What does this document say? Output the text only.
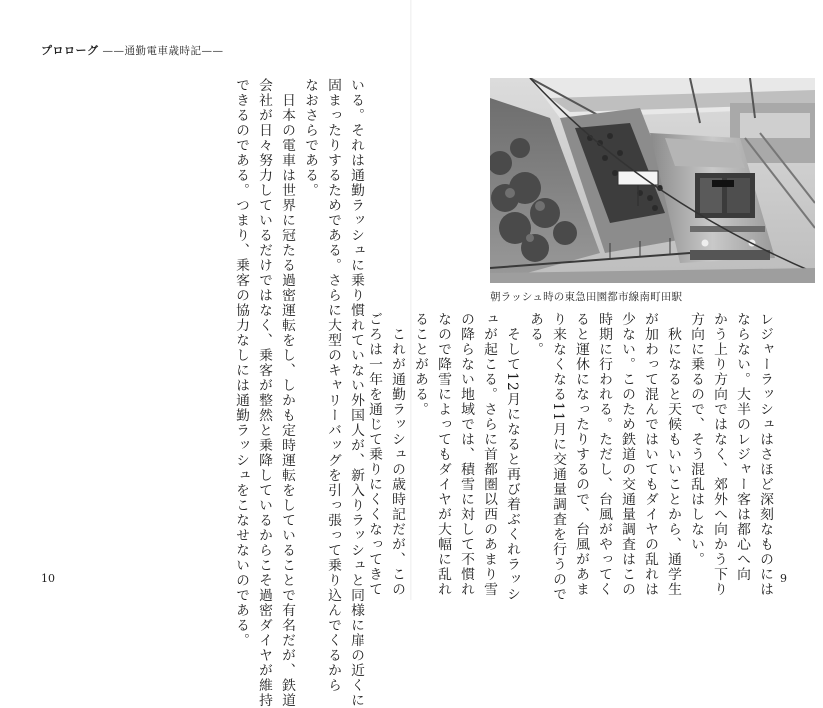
プロローグ ——通勤電車歳時記——
いる。それは通勤ラッシュに乗り慣れていない外国人が、新入りラッシュと同様に扉の近くに
固まったりするためである。さらに大型のキャリーバッグを引っ張って乗り込んでくるから
なおさらである。
　日本の電車は世界に冠たる過密運転をし、しかも定時運転をしていることで有名だが、鉄道
会社が日々努力しているだけではなく、乗客が整然と乗降しているからこそ過密ダイヤが維持
できるのである。つまり、乗客の協力なしには通勤ラッシュをこなせないのである。
10
朝ラッシュ時の東急田園都市線南町田駅
レジャーラッシュはさほど深刻なものには
ならない。大半のレジャー客は都心へ向
かう上り方向ではなく、郊外へ向かう下り
方向に乗るので、そう混乱はしない。
　秋になると天候もいいことから、通学生
が加わって混んではいてもダイヤの乱れは
少ない。このため鉄道の交通量調査はこの
時期に行われる。ただし、台風がやってく
ると運休になったりするので、台風があま
り来なくなる11月に交通量調査を行うので
ある。
　そして12月になると再び着ぶくれラッシ
ュが起こる。さらに首都圏以西のあまり雪
の降らない地域では、積雪に対して不慣れ
なので降雪によってもダイヤが大幅に乱れ
ることがある。
　これが通勤ラッシュの歳時記だが、この
ごろは一年を通じて乗りにくくなってきて	9
